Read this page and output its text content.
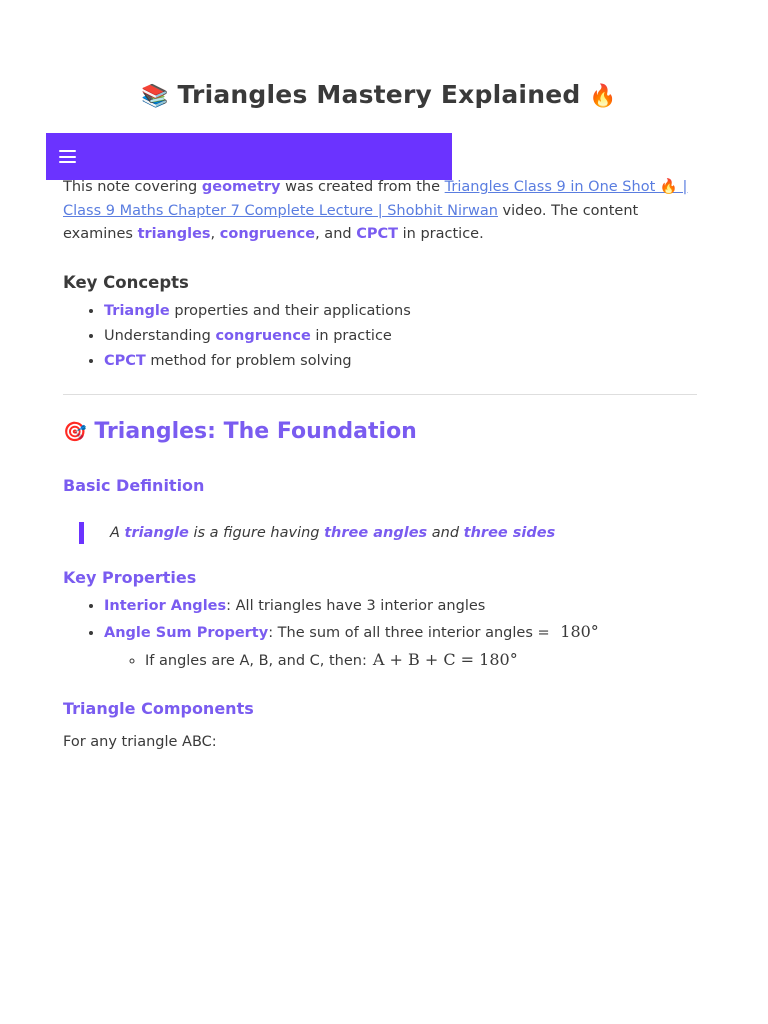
📚 Triangles Mastery Explained 🔥

This note covering geometry was created from the Triangles Class 9 in One Shot 🔥 | Class 9 Maths Chapter 7 Complete Lecture | Shobhit Nirwan video. The content examines triangles, congruence, and CPCT in practice.

Key Concepts
• Triangle properties and their applications
• Understanding congruence in practice
• CPCT method for problem solving
🎯 Triangles: The Foundation
Basic Definition
A triangle is a figure having three angles and three sides
Key Properties
• Interior Angles: All triangles have 3 interior angles
• Angle Sum Property: The sum of all three interior angles = 180°
◦ If angles are A, B, and C, then: A + B + C = 180°
Triangle Components

For any triangle ABC:
